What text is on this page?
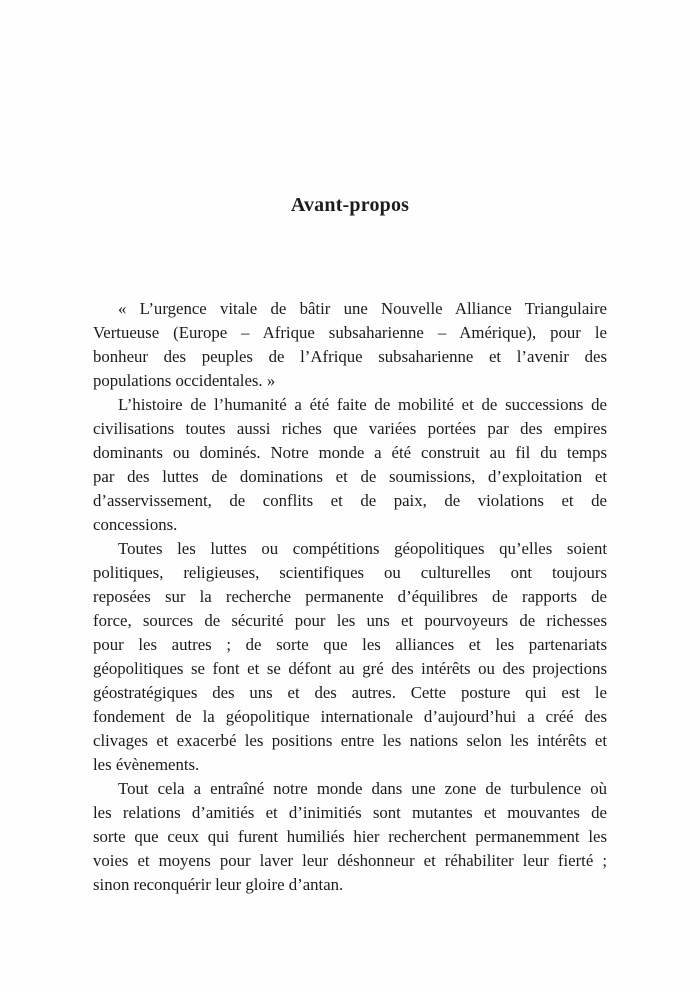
Avant-propos
« L’urgence vitale de bâtir une Nouvelle Alliance Triangulaire
Vertueuse (Europe – Afrique subsaharienne – Amérique), pour le
bonheur des peuples de l’Afrique subsaharienne et l’avenir des
populations occidentales. »
L’histoire de l’humanité a été faite de mobilité et de successions de
civilisations toutes aussi riches que variées portées par des empires
dominants ou dominés. Notre monde a été construit au fil du temps
par des luttes de dominations et de soumissions, d’exploitation et
d’asservissement, de conflits et de paix, de violations et de
concessions.
Toutes les luttes ou compétitions géopolitiques qu’elles soient
politiques, religieuses, scientifiques ou culturelles ont toujours
reposées sur la recherche permanente d’équilibres de rapports de
force, sources de sécurité pour les uns et pourvoyeurs de richesses
pour les autres ; de sorte que les alliances et les partenariats
géopolitiques se font et se défont au gré des intérêts ou des projections
géostratégiques des uns et des autres. Cette posture qui est le
fondement de la géopolitique internationale d’aujourd’hui a créé des
clivages et exacerbé les positions entre les nations selon les intérêts et
les évènements.
Tout cela a entraîné notre monde dans une zone de turbulence où
les relations d’amitiés et d’inimitiés sont mutantes et mouvantes de
sorte que ceux qui furent humiliés hier recherchent permanemment les
voies et moyens pour laver leur déshonneur et réhabiliter leur fierté ;
sinon reconquérir leur gloire d’antan.
